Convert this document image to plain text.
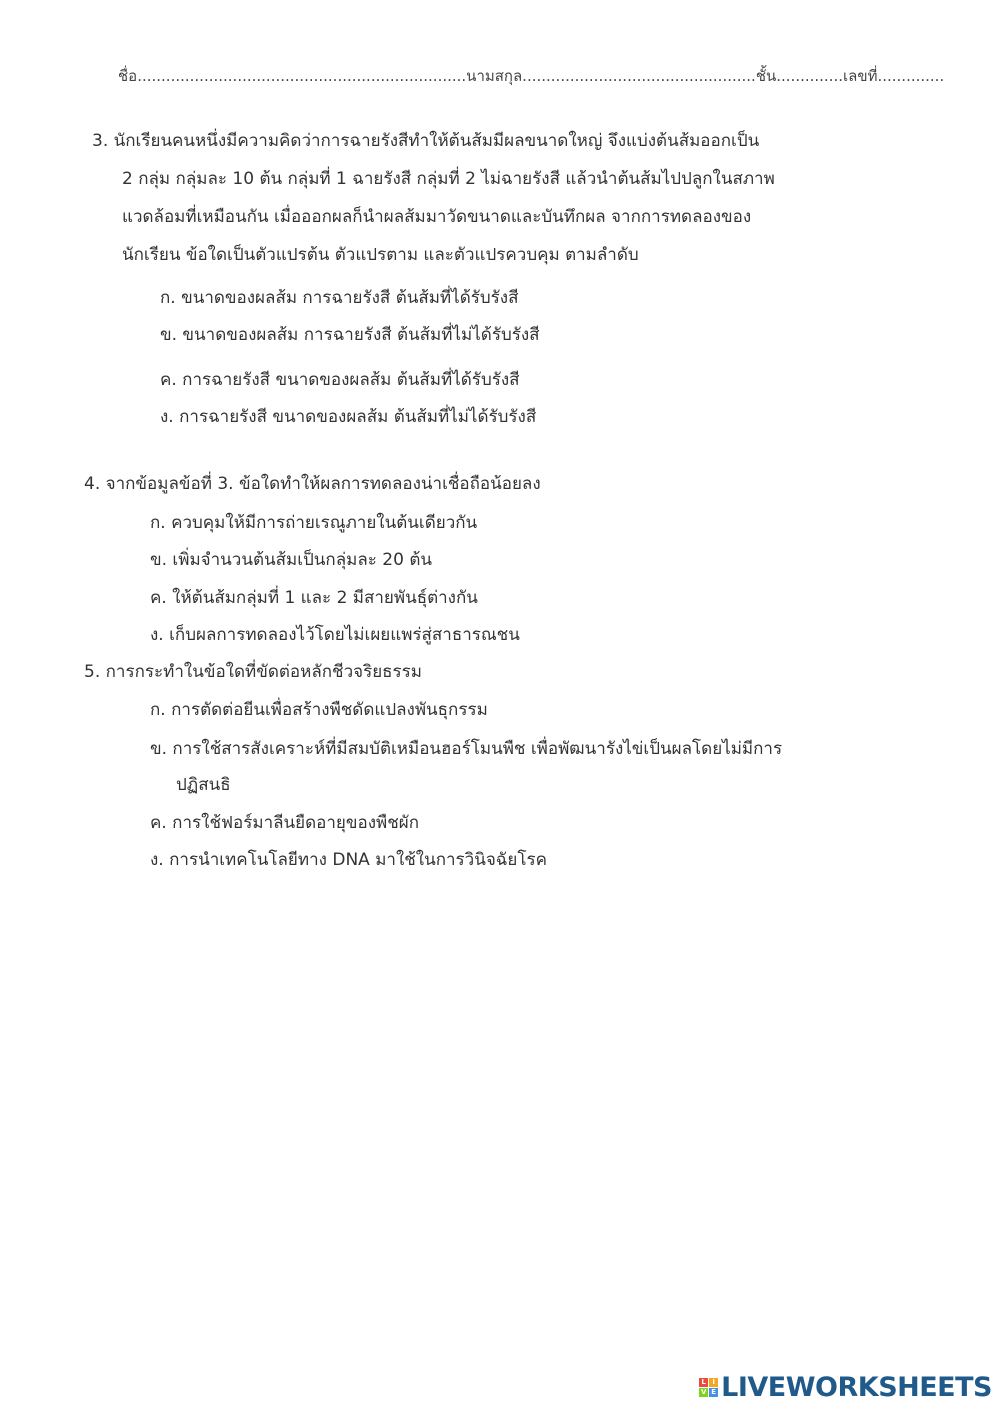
ชื่อ.....................................................................นามสกุล.................................................ชั้น..............เลขที่..............
3. นักเรียนคนหนึ่งมีความคิดว่าการฉายรังสีทำให้ต้นส้มมีผลขนาดใหญ่ จึงแบ่งต้นส้มออกเป็น
2 กลุ่ม กลุ่มละ 10 ต้น กลุ่มที่ 1 ฉายรังสี กลุ่มที่ 2 ไม่ฉายรังสี แล้วนำต้นส้มไปปลูกในสภาพ
แวดล้อมที่เหมือนกัน เมื่อออกผลก็นำผลส้มมาวัดขนาดและบันทึกผล จากการทดลองของ
นักเรียน ข้อใดเป็นตัวแปรต้น ตัวแปรตาม และตัวแปรควบคุม ตามลำดับ
ก. ขนาดของผลส้ม การฉายรังสี ต้นส้มที่ได้รับรังสี
ข. ขนาดของผลส้ม การฉายรังสี ต้นส้มที่ไม่ได้รับรังสี
ค. การฉายรังสี ขนาดของผลส้ม ต้นส้มที่ได้รับรังสี
ง. การฉายรังสี ขนาดของผลส้ม ต้นส้มที่ไม่ได้รับรังสี
4. จากข้อมูลข้อที่ 3. ข้อใดทำให้ผลการทดลองน่าเชื่อถือน้อยลง
ก. ควบคุมให้มีการถ่ายเรณูภายในต้นเดียวกัน
ข. เพิ่มจำนวนต้นส้มเป็นกลุ่มละ 20 ต้น
ค. ให้ต้นส้มกลุ่มที่ 1 และ 2 มีสายพันธุ์ต่างกัน
ง. เก็บผลการทดลองไว้โดยไม่เผยแพร่สู่สาธารณชน
5. การกระทำในข้อใดที่ขัดต่อหลักชีวจริยธรรม
ก. การตัดต่อยีนเพื่อสร้างพืชดัดแปลงพันธุกรรม
ข. การใช้สารสังเคราะห์ที่มีสมบัติเหมือนฮอร์โมนพืช เพื่อพัฒนารังไข่เป็นผลโดยไม่มีการ
ปฏิสนธิ
ค. การใช้ฟอร์มาลีนยืดอายุของพืชผัก
ง. การนำเทคโนโลยีทาง DNA มาใช้ในการวินิจฉัยโรค
L I
V E LIVEWORKSHEETS
